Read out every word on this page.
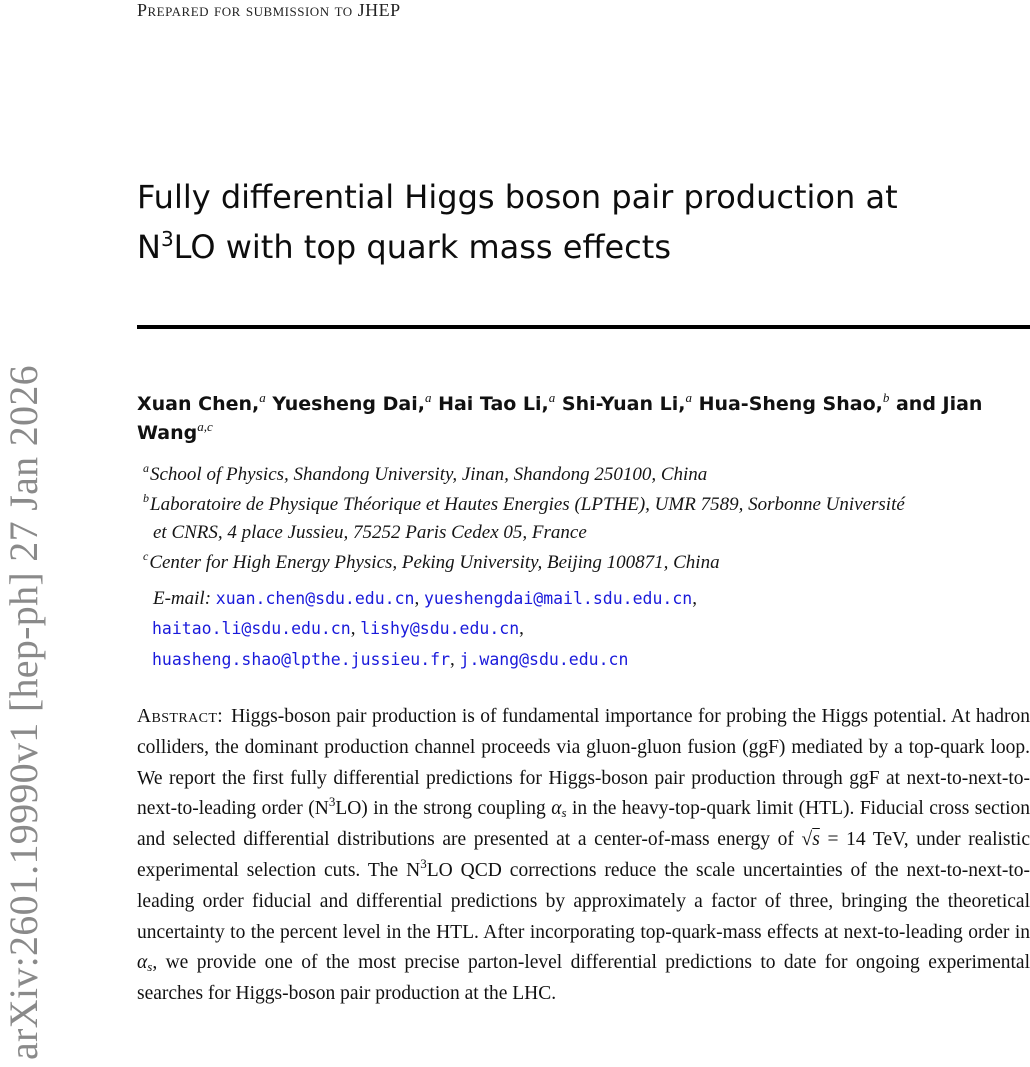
Prepared for submission to JHEP
arXiv:2601.19990v1 [hep-ph] 27 Jan 2026
Fully differential Higgs boson pair production at
$N^3LO$ with top quark mass effects
Xuan Chen,$^a$ Yuesheng Dai,$^a$ Hai Tao Li,$^a$ Shi-Yuan Li,$^a$ Hua-Sheng Shao,$^b$ and Jian
Wang$^{a,c}$
$^a$School of Physics, Shandong University, Jinan, Shandong 250100, China
$^b$Laboratoire de Physique Théorique et Hautes Energies (LPTHE), UMR 7589, Sorbonne Université
et CNRS, 4 place Jussieu, 75252 Paris Cedex 05, France
$^c$Center for High Energy Physics, Peking University, Beijing 100871, China
E-mail: xuan.chen@sdu.edu.cn, yueshengdai@mail.sdu.edu.cn,
haitao.li@sdu.edu.cn, lishy@sdu.edu.cn,
huasheng.shao@lpthe.jussieu.fr, j.wang@sdu.edu.cn
Abstract: Higgs-boson pair production is of fundamental importance for probing the Higgs potential. At hadron colliders, the dominant production channel proceeds via gluon-gluon fusion (ggF) mediated by a top-quark loop. We report the first fully differential predictions for Higgs-boson pair production through ggF at next-to-next-to-next-to-leading order $(N^3LO)$ in the strong coupling $\alpha_s$ in the heavy-top-quark limit (HTL). Fiducial cross section and selected differential distributions are presented at a center-of-mass energy of √s = 14 TeV, under realistic experimental selection cuts. The $N^3LO$ QCD corrections reduce the scale uncertainties of the next-to-next-to-leading order fiducial and differential predictions by approximately a factor of three, bringing the theoretical uncertainty to the percent level in the HTL. After incorporating top-quark-mass effects at next-to-leading order in $\alpha_s$, we provide one of the most precise parton-level differential predictions to date for ongoing experimental searches for Higgs-boson pair production at the LHC.
